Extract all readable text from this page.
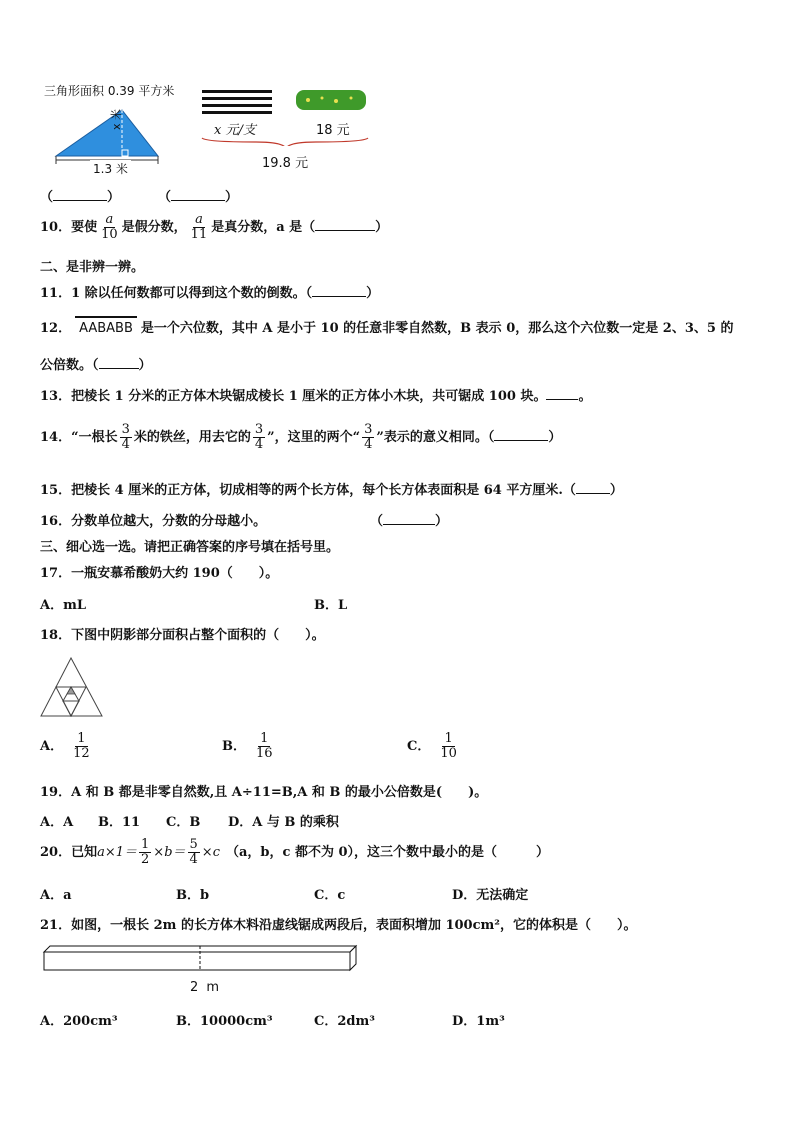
三角形面积 0.39 平方米
x 米
1.3 米
x 元/支	18 元
19.8 元
（	）	（	）
10．要使 $\frac{a}{10}$ 是假分数， $\frac{a}{11}$ 是真分数，a 是（	）
二、是非辨一辨。
11．1 除以任何数都可以得到这个数的倒数。（	）
12． AABABB 是一个六位数，其中 A 是小于 10 的任意非零自然数，B 表示 0，那么这个六位数一定是 2、3、5 的
公倍数。（	）
13．把棱长 1 分米的正方体木块锯成棱长 1 厘米的正方体小木块，共可锯成 100 块。 。
14．“一根长 $\frac{3}{4}$ 米的铁丝，用去它的 $\frac{3}{4}$ ”，这里的两个“ $\frac{3}{4}$ ”表示的意义相同。（	）
15．把棱长 4 厘米的正方体，切成相等的两个长方体，每个长方体表面积是 64 平方厘米.（	）
16．分数单位越大，分数的分母越小。	（	）
三、细心选一选。请把正确答案的序号填在括号里。
17．一瓶安慕希酸奶大约 190（　　）。
A．mL	B．L
18．下图中阴影部分面积占整个面积的（　　）。
A． $\frac{1}{12}$	B． $\frac{1}{16}$	C． $\frac{1}{10}$
19．A 和 B 都是非零自然数,且 A÷11=B,A 和 B 的最小公倍数是(　　)。
A．A B．11 C．B D．A 与 B 的乘积
20．已知$a\times 1= \frac{1}{2} \times b= \frac{5}{4} \times c$ （a，b，c 都不为 0），这三个数中最小的是（　　　）
A．a	B．b	C．c	D．无法确定
21．如图，一根长 2m 的长方体木料沿虚线锯成两段后，表面积增加 100cm²，它的体积是（　　）。
2 m
A．200cm³	B．10000cm³	C．2dm³	D．1m³
